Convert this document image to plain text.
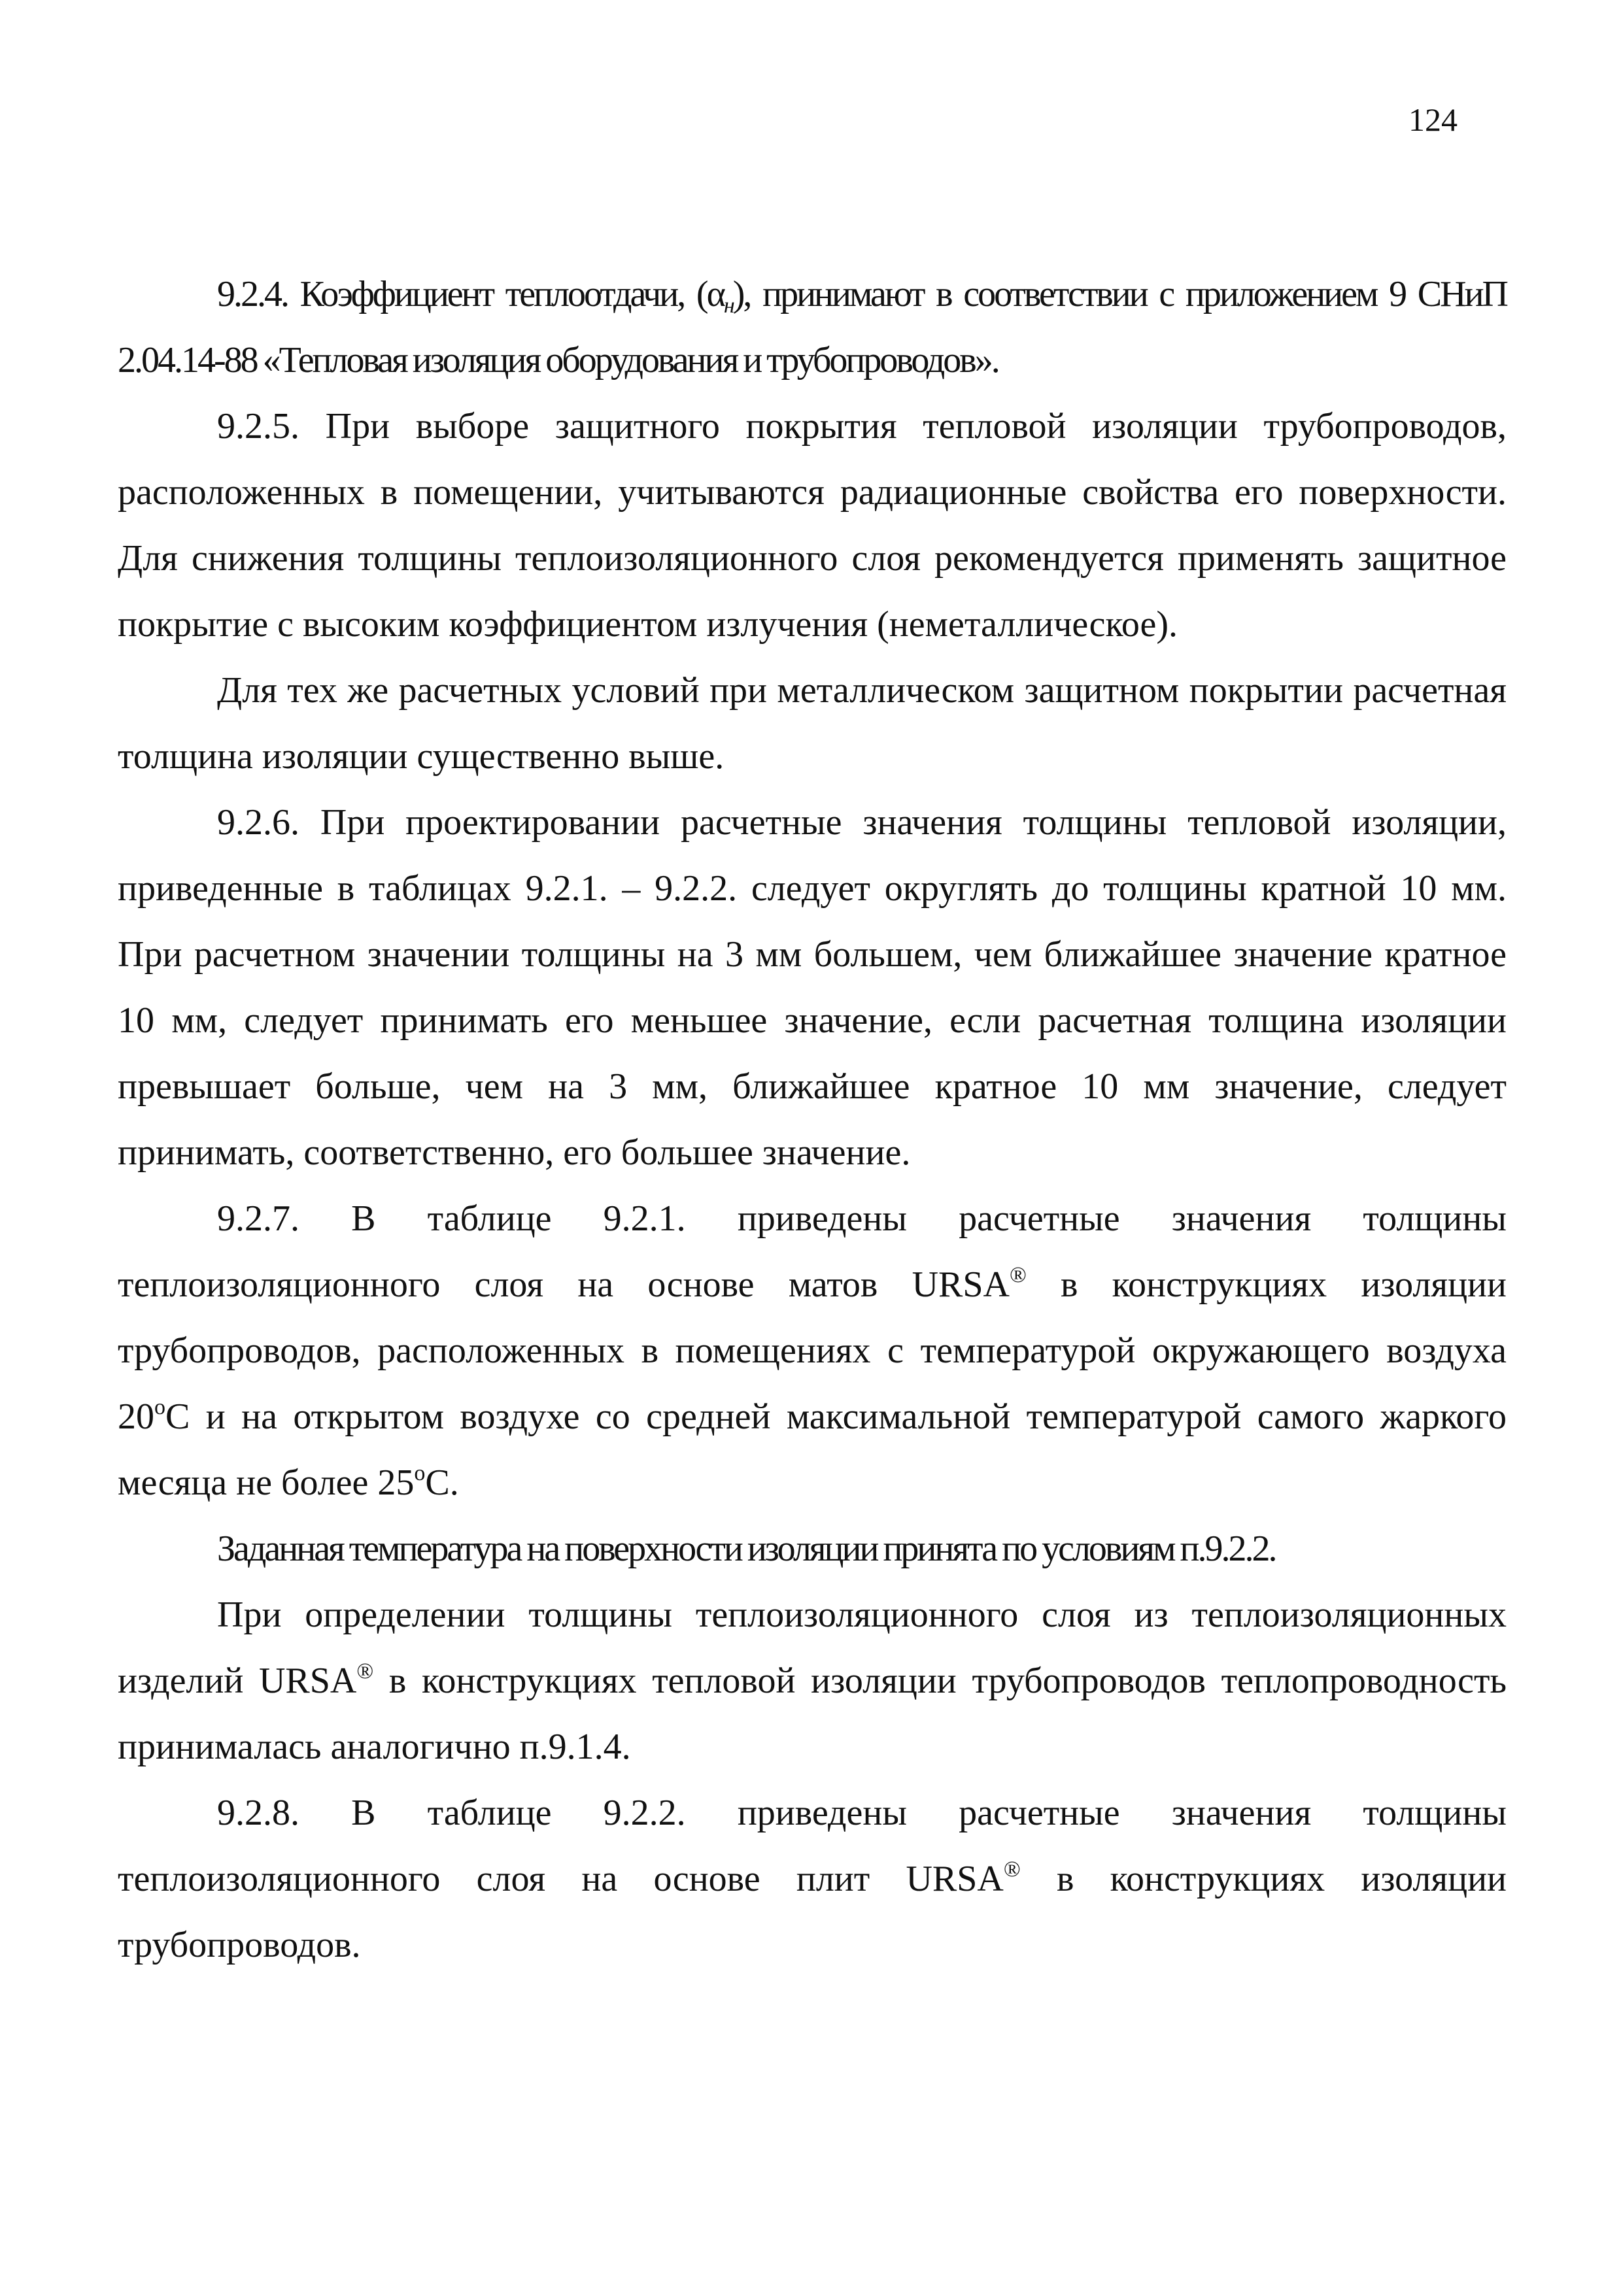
124

9.2.4. Коэффициент теплоотдачи, $(\alpha_н)$, принимают в соответствии с приложением 9 СНиП 2.04.14-88 «Тепловая изоляция оборудования и трубопроводов».

9.2.5. При выборе защитного покрытия тепловой изоляции трубопроводов, расположенных в помещении, учитываются радиационные свойства его поверхности. Для снижения толщины теплоизоляционного слоя рекомендуется применять защитное покрытие с высоким коэффициентом излучения (неметаллическое).

Для тех же расчетных условий при металлическом защитном покрытии расчетная толщина изоляции существенно выше.

9.2.6. При проектировании расчетные значения толщины тепловой изоляции, приведенные в таблицах 9.2.1. – 9.2.2. следует округлять до толщины кратной 10 мм. При расчетном значении толщины на 3 мм большем, чем ближайшее значение кратное 10 мм, следует принимать его меньшее значение, если расчетная толщина изоляции превышает больше, чем на 3 мм, ближайшее кратное 10 мм значение, следует принимать, соответственно, его большее значение.

9.2.7. В таблице 9.2.1. приведены расчетные значения толщины теплоизоляционного слоя на основе матов URSA® в конструкциях изоляции трубопроводов, расположенных в помещениях с температурой окружающего воздуха 20$^o$С и на открытом воздухе со средней максимальной температурой самого жаркого месяца не более 25$^o$С.

Заданная температура на поверхности изоляции принята по условиям п.9.2.2.

При определении толщины теплоизоляционного слоя из теплоизоляционных изделий URSA® в конструкциях тепловой изоляции трубопроводов теплопроводность принималась аналогично п.9.1.4.

9.2.8. В таблице 9.2.2. приведены расчетные значения толщины теплоизоляционного слоя на основе плит URSA® в конструкциях изоляции трубопроводов.
